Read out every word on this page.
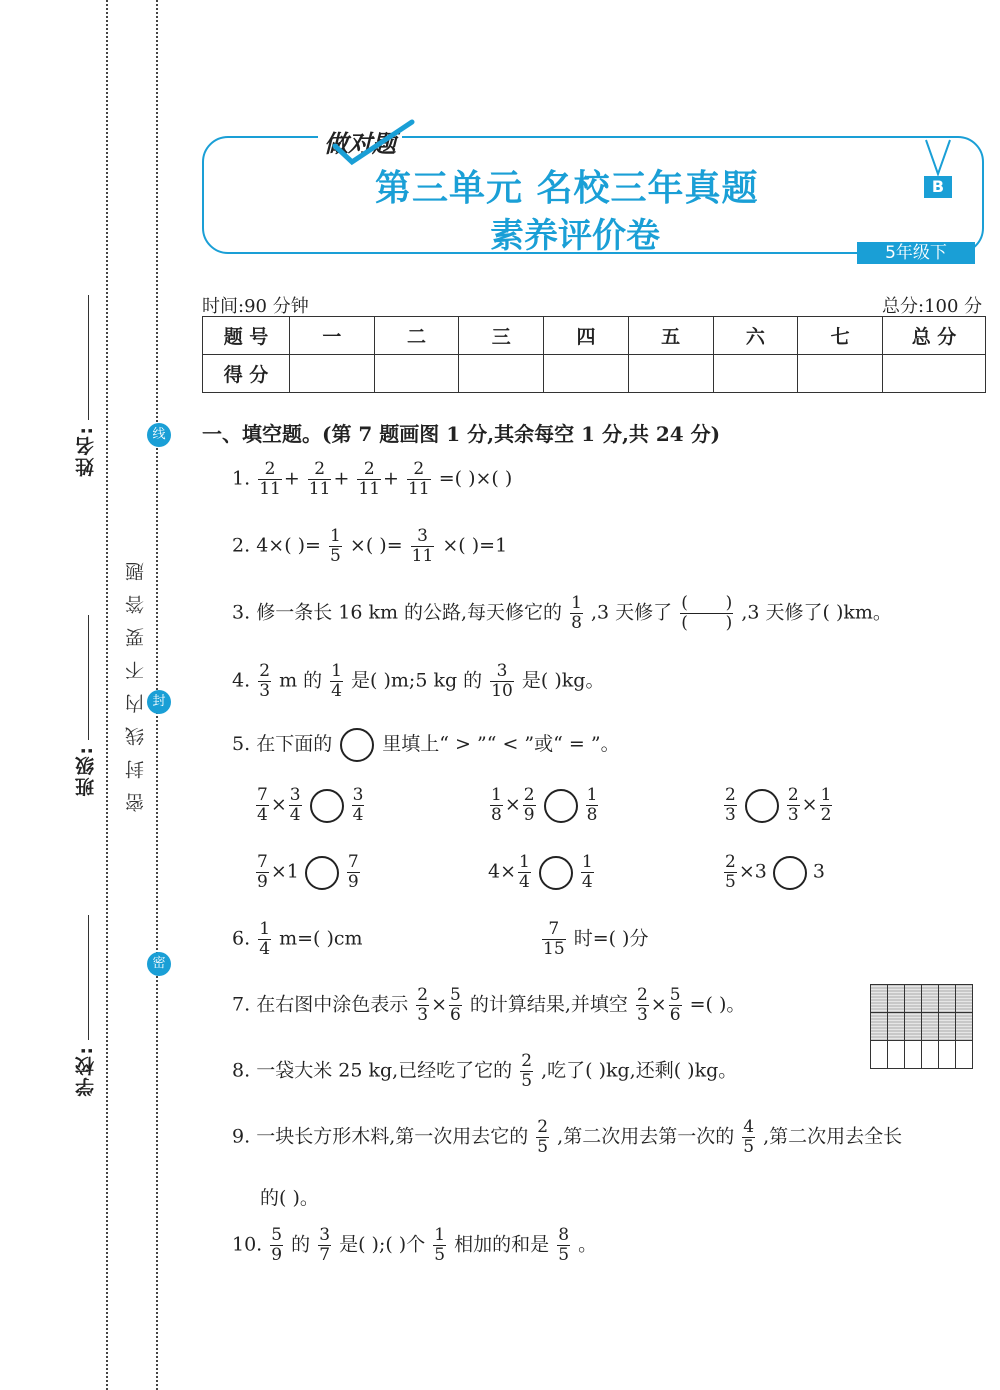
姓名:
班级:
学校:
线
封
密
密封线内不要答题
做对题
第三单元 名校三年真题
素养评价卷
B
5年级下
时间:90 分钟	总分:100 分
题 号	一	二	三	四	五	六	七	总 分
得 分								
一、填空题。(第 7 题画图 1 分,其余每空 1 分,共 24 分)
1. $\frac{2}{11} + \frac{2}{11} + \frac{2}{11} + \frac{2}{11}$ =( )×( )
2. 4×( )= $\frac{1}{5}$ ×( )= $\frac{3}{11}$ ×( )=1
3. 修一条长 16 km 的公路,每天修它的 $\frac{1}{8} ,3$ 天修了 $\frac{( )}{( )} ,3$ 天修了( )km。
4. $\frac{2}{3}$ m 的 $\frac{1}{4}$ 是( )m;5 kg 的 $\frac{3}{10}$ 是( )kg。
5. 在下面的	里填上“ > ”“ < ”或“ = ”。
$\frac{7}{4} \times \frac{3}{4}$	$\frac{3}{4}$	$\frac{1}{8} \times \frac{2}{9}$	$\frac{1}{8}$	$\frac{2}{3}$	$\frac{2}{3} \times \frac{1}{2}$
$\frac{7}{9} \times 1$	$\frac{7}{9}$	$4\times \frac{1}{4}$	$\frac{1}{4}$	$\frac{2}{5} \times 3$ 3
6. $\frac{1}{4} m=$( )cm	$\frac{7}{15}$ 时=( )分
7. 在右图中涂色表示 $\frac{2}{3} \times \frac{5}{6}$ 的计算结果,并填空 $\frac{2}{3} \times \frac{5}{6}$ =( )。

8. 一袋大米 25 kg,已经吃了它的 $\frac{2}{5}$ ,吃了( )kg,还剩( )kg。
9. 一块长方形木料,第一次用去它的 $\frac{2}{5}$ ,第二次用去第一次的 $\frac{4}{5}$ ,第二次用去全长
的( )。
10. $\frac{5}{9}$ 的 $\frac{3}{7}$ 是( );( )个 $\frac{1}{5}$ 相加的和是 $\frac{8}{5}$ 。
